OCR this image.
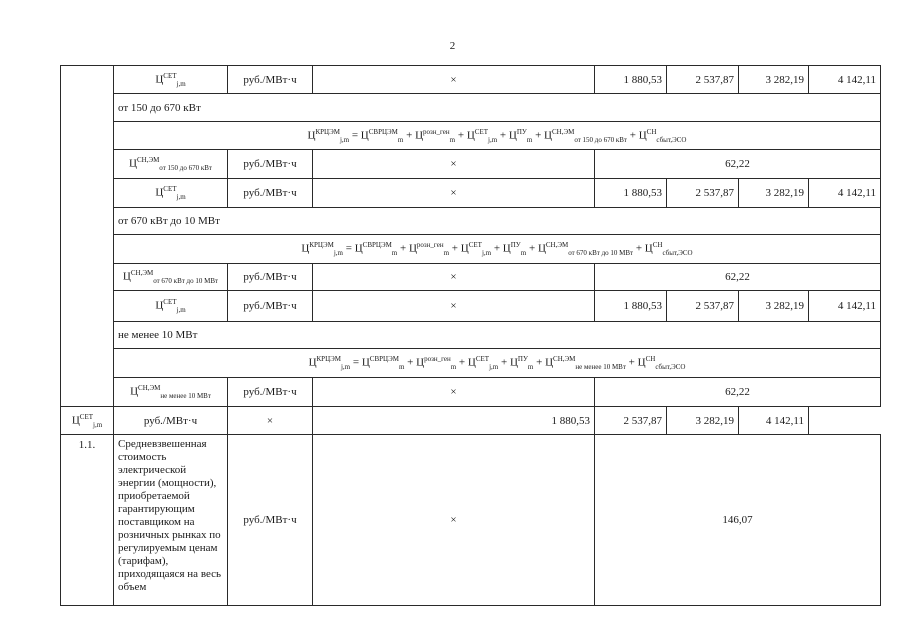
2
	$Ц^{СЕТ}_{j,m}$	руб./МВт·ч	×	1 880,53	2 537,87	3 282,19	4 142,11
	от 150 до 670 кВт						
	$Ц^{КРЦЭМ}_{j,m} = Ц^{СВРЦЭМ}_m + Ц^{розн\_ген}_m + Ц^{СЕТ}_{j,m} + Ц^{ПУ}_m + Ц^{СН,ЭМ}_{от 150 до 670 кВт} + Ц^{СН}_{сбыт,ЭСО}$
	$Ц^{СН,ЭМ}_{от 150 до 670 кВт}$	руб./МВт·ч	×	62,22			
	$Ц^{СЕТ}_{j,m}$	руб./МВт·ч	×	1 880,53	2 537,87	3 282,19	4 142,11
	от 670 кВт до 10 МВт						
	$Ц^{КРЦЭМ}_{j,m} = Ц^{СВРЦЭМ}_m + Ц^{розн\_ген}_m + Ц^{СЕТ}_{j,m} + Ц^{ПУ}_m + Ц^{СН,ЭМ}_{от 670 кВт до 10 МВт} + Ц^{СН}_{сбыт,ЭСО}$
	$Ц^{СН,ЭМ}_{от 670 кВт до 10 МВт}$	руб./МВт·ч	×	62,22			
	$Ц^{СЕТ}_{j,m}$	руб./МВт·ч	×	1 880,53	2 537,87	3 282,19	4 142,11
	не менее 10 МВт						
	$Ц^{КРЦЭМ}_{j,m} = Ц^{СВРЦЭМ}_m + Ц^{розн\_ген}_m + Ц^{СЕТ}_{j,m} + Ц^{ПУ}_m + Ц^{СН,ЭМ}_{не менее 10 МВт} + Ц^{СН}_{сбыт,ЭСО}$
	$Ц^{СН,ЭМ}_{не менее 10 МВт}$	руб./МВт·ч	×	62,22			
$Ц^{СЕТ}_{j,m}$	руб./МВт·ч	×	1 880,53	2 537,87	3 282,19	4 142,11	
1.1.	Средневзвешенная стоимость электрической энергии (мощности), приобретаемой гарантирующим поставщиком на розничных рынках по регулируемым ценам (тарифам), приходящаяся на весь объем	руб./МВт·ч	×	146,07			
